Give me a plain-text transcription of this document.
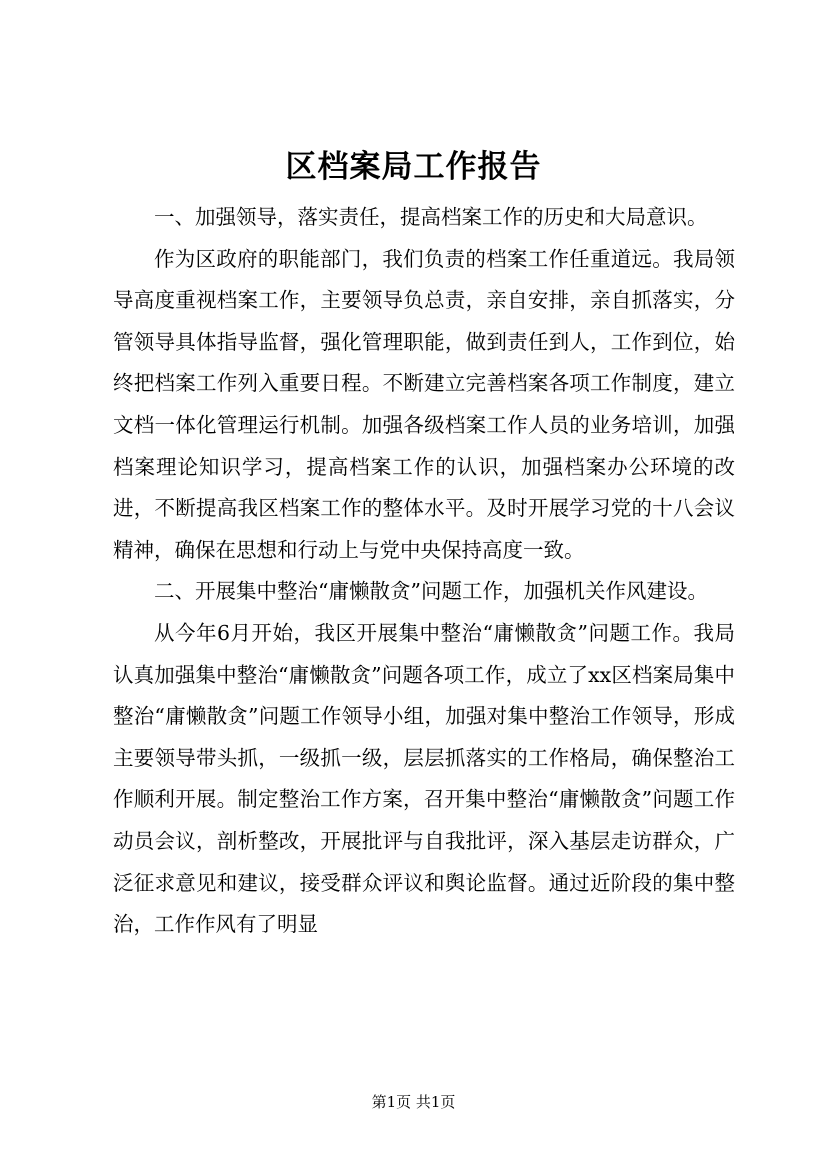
区档案局工作报告

一、加强领导，落实责任，提高档案工作的历史和大局意识。

作为区政府的职能部门，我们负责的档案工作任重道远。我局领导高度重视档案工作，主要领导负总责，亲自安排，亲自抓落实，分管领导具体指导监督，强化管理职能，做到责任到人，工作到位，始终把档案工作列入重要日程。不断建立完善档案各项工作制度，建立文档一体化管理运行机制。加强各级档案工作人员的业务培训，加强档案理论知识学习，提高档案工作的认识，加强档案办公环境的改进，不断提高我区档案工作的整体水平。及时开展学习党的十八会议精神，确保在思想和行动上与党中央保持高度一致。

二、开展集中整治“庸懒散贪”问题工作，加强机关作风建设。

从今年6月开始，我区开展集中整治“庸懒散贪”问题工作。我局认真加强集中整治“庸懒散贪”问题各项工作，成立了xx区档案局集中整治“庸懒散贪”问题工作领导小组，加强对集中整治工作领导，形成主要领导带头抓，一级抓一级，层层抓落实的工作格局，确保整治工作顺利开展。制定整治工作方案，召开集中整治“庸懒散贪”问题工作动员会议，剖析整改，开展批评与自我批评，深入基层走访群众，广泛征求意见和建议，接受群众评议和舆论监督。通过近阶段的集中整治，工作作风有了明显

第1页 共1页
